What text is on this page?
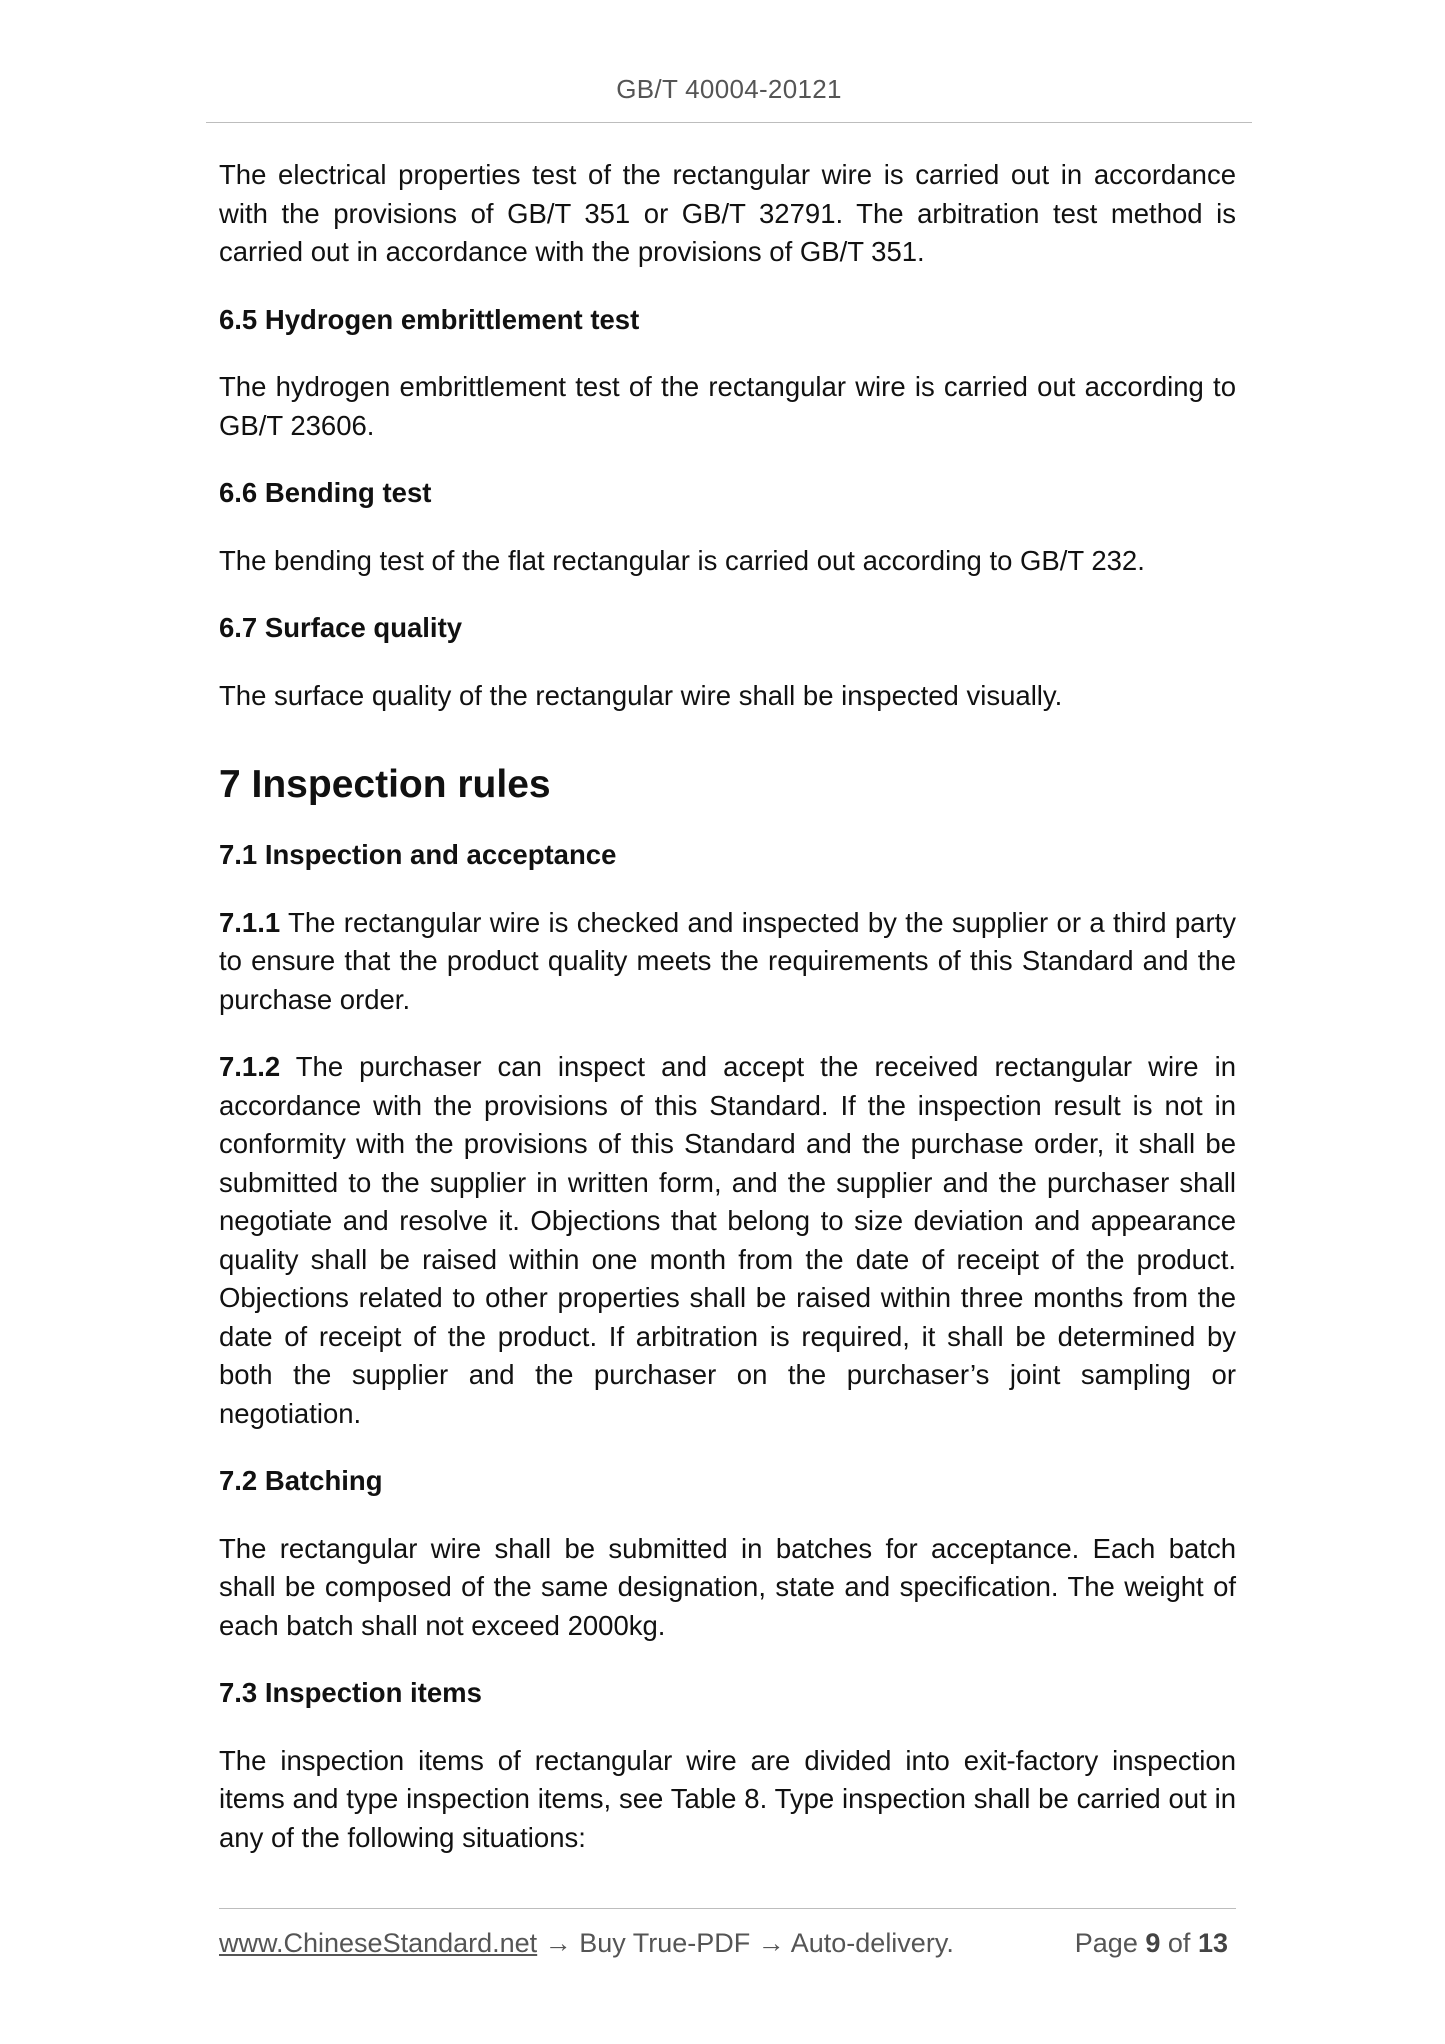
GB/T 40004-20121

The electrical properties test of the rectangular wire is carried out in accordance with the provisions of GB/T 351 or GB/T 32791. The arbitration test method is carried out in accordance with the provisions of GB/T 351.

6.5 Hydrogen embrittlement test

The hydrogen embrittlement test of the rectangular wire is carried out according to GB/T 23606.

6.6 Bending test

The bending test of the flat rectangular is carried out according to GB/T 232.

6.7 Surface quality

The surface quality of the rectangular wire shall be inspected visually.

7 Inspection rules
7.1 Inspection and acceptance

7.1.1 The rectangular wire is checked and inspected by the supplier or a third party to ensure that the product quality meets the requirements of this Standard and the purchase order.

7.1.2 The purchaser can inspect and accept the received rectangular wire in accordance with the provisions of this Standard. If the inspection result is not in conformity with the provisions of this Standard and the purchase order, it shall be submitted to the supplier in written form, and the supplier and the purchaser shall negotiate and resolve it. Objections that belong to size deviation and appearance quality shall be raised within one month from the date of receipt of the product. Objections related to other properties shall be raised within three months from the date of receipt of the product. If arbitration is required, it shall be determined by both the supplier and the purchaser on the purchaser’s joint sampling or negotiation.

7.2 Batching

The rectangular wire shall be submitted in batches for acceptance. Each batch shall be composed of the same designation, state and specification. The weight of each batch shall not exceed 2000kg.

7.3 Inspection items

The inspection items of rectangular wire are divided into exit-factory inspection items and type inspection items, see Table 8. Type inspection shall be carried out in any of the following situations:

www.ChineseStandard.net → Buy True-PDF → Auto-delivery.	Page 9 of 13
